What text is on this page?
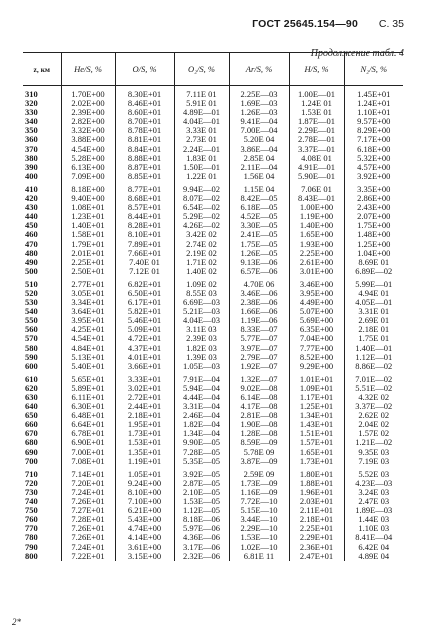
ГОСТ 25645.154—90 С. 35
Продолжение табл. 4
z, км	He/S, %	O/S, %	O₂/S, %	Ar/S, %	H/S, %	N₂/S, %

310	1.70E+00	8.30E+01	7.11E 01	2.25E—03	1.00E—01	1.45E+01
320	2.02E+00	8.46E+01	5.91E 01	1.69E—03	1.24E 01	1.24E+01
330	2.39E+00	8.60E+01	4.89E—01	1.26E—03	1.53E 01	1.10E+01
340	2.82E+00	8.70E+01	4.04E—01	9.41E—04	1.87E—01	9.57E+00
350	3.32E+00	8.78E+01	3.33E 01	7.00E—04	2.29E—01	8.29E+00
360	3.88E+00	8.81E+01	2.73E 01	5.20E 04	2.78E—01	7.17E+00
370	4.54E+00	8.84E+01	2.24E—01	3.86E—04	3.37E—01	6.18E+00
380	5.28E+00	8.88E+01	1.83E 01	2.85E 04	4.08E 01	5.32E+00
390	6.13E+00	8.87E+01	1.50E—01	2.11E—04	4.91E—01	4.57E+00
400	7.09E+00	8.85E+01	1.22E 01	1.56E 04	5.90E—01	3.92E+00

410	8.18E+00	8.77E+01	9.94E—02	1.15E 04	7.06E 01	3.35E+00
420	9.40E+00	8.68E+01	8.07E—02	8.42E—05	8.43E—01	2.86E+00
430	1.08E+01	8.57E+01	6.54E—02	6.18E—05	1.00E+00	2.43E+00
440	1.23E+01	8.44E+01	5.29E—02	4.52E—05	1.19E+00	2.07E+00
450	1.40E+01	8.28E+01	4.26E—02	3.30E—05	1.40E+00	1.75E+00
460	1.58E+01	8.10E+01	3.42E 02	2.41E—05	1.65E+00	1.48E+00
470	1.79E+01	7.89E+01	2.74E 02	1.75E—05	1.93E+00	1.25E+00
480	2.01E+01	7.66E+01	2.19E 02	1.26E—05	2.25E+00	1.04E+00
490	2.25E+01	7.40E 01	1.71E 02	9.13E—06	2.61E+00	8.69E 01
500	2.50E+01	7.12E 01	1.40E 02	6.57E—06	3.01E+00	6.89E—02

510	2.77E+01	6.82E+01	1.09E 02	4.70E 06	3.46E+00	5.99E—01
520	3.05E+01	6.50E+01	8.55E 03	3.46E—06	3.95E+00	4.94E 01
530	3.34E+01	6.17E+01	6.69E—03	2.38E—06	4.49E+00	4.05E—01
540	3.64E+01	5.82E+01	5.21E—03	1.66E—06	5.07E+00	3.31E 01
550	3.95E+01	5.46E+01	4.04E—03	1.19E—06	5.69E+00	2.69E 01
560	4.25E+01	5.09E+01	3.11E 03	8.33E—07	6.35E+00	2.18E 01
570	4.54E+01	4.72E+01	2.39E 03	5.77E—07	7.04E+00	1.75E 01
580	4.84E+01	4.37E+01	1.82E 03	3.97E—07	7.77E+00	1.40E—01
590	5.13E+01	4.01E+01	1.39E 03	2.79E—07	8.52E+00	1.12E—01
600	5.40E+01	3.66E+01	1.05E—03	1.92E—07	9.29E+00	8.86E—02

610	5.65E+01	3.33E+01	7.91E—04	1.32E—07	1.01E+01	7.01E—02
620	5.89E+01	3.02E+01	5.94E—04	9.02E—08	1.09E+01	5.51E—02
630	6.11E+01	2.72E+01	4.44E—04	6.14E—08	1.17E+01	4.32E 02
640	6.30E+01	2.44E+01	3.31E—04	4.17E—08	1.25E+01	3.37E—02
650	6.48E+01	2.18E+01	2.46E—04	2.81E—08	1.34E+01	2.62E 02
660	6.64E+01	1.95E+01	1.82E—04	1.90E—08	1.43E+01	2.04E 02
670	6.78E+01	1.73E+01	1.34E—04	1.28E—08	1.51E+01	1.57E 02
680	6.90E+01	1.53E+01	9.90E—05	8.59E—09	1.57E+01	1.21E—02
690	7.00E+01	1.35E+01	7.28E—05	5.78E 09	1.65E+01	9.35E 03
700	7.08E+01	1.19E+01	5.35E—05	3.87E—09	1.73E+01	7.19E 03

710	7.14E+01	1.05E+01	3.92E—05	2.59E 09	1.80E+01	5.52E 03
720	7.20E+01	9.24E+00	2.87E—05	1.73E—09	1.88E+01	4.23E—03
730	7.24E+01	8.10E+00	2.10E—05	1.16E—09	1.96E+01	3.24E 03
740	7.26E+01	7.10E+00	1.53E—05	7.72E—10	2.03E+01	2.47E 03
750	7.27E+01	6.21E+00	1.12E—05	5.15E—10	2.11E+01	1.89E—03
760	7.28E+01	5.43E+00	8.18E—06	3.44E—10	2.18E+01	1.44E 03
770	7.26E+01	4.74E+00	5.97E—06	2.29E—10	2.25E+01	1.10E 03
780	7.26E+01	4.14E+00	4.36E—06	1.53E—10	2.29E+01	8.41E—04
790	7.24E+01	3.61E+00	3.17E—06	1.02E—10	2.36E+01	6.42E 04
800	7.22E+01	3.15E+00	2.32E—06	6.81E 11	2.47E+01	4.89E 04
2*
